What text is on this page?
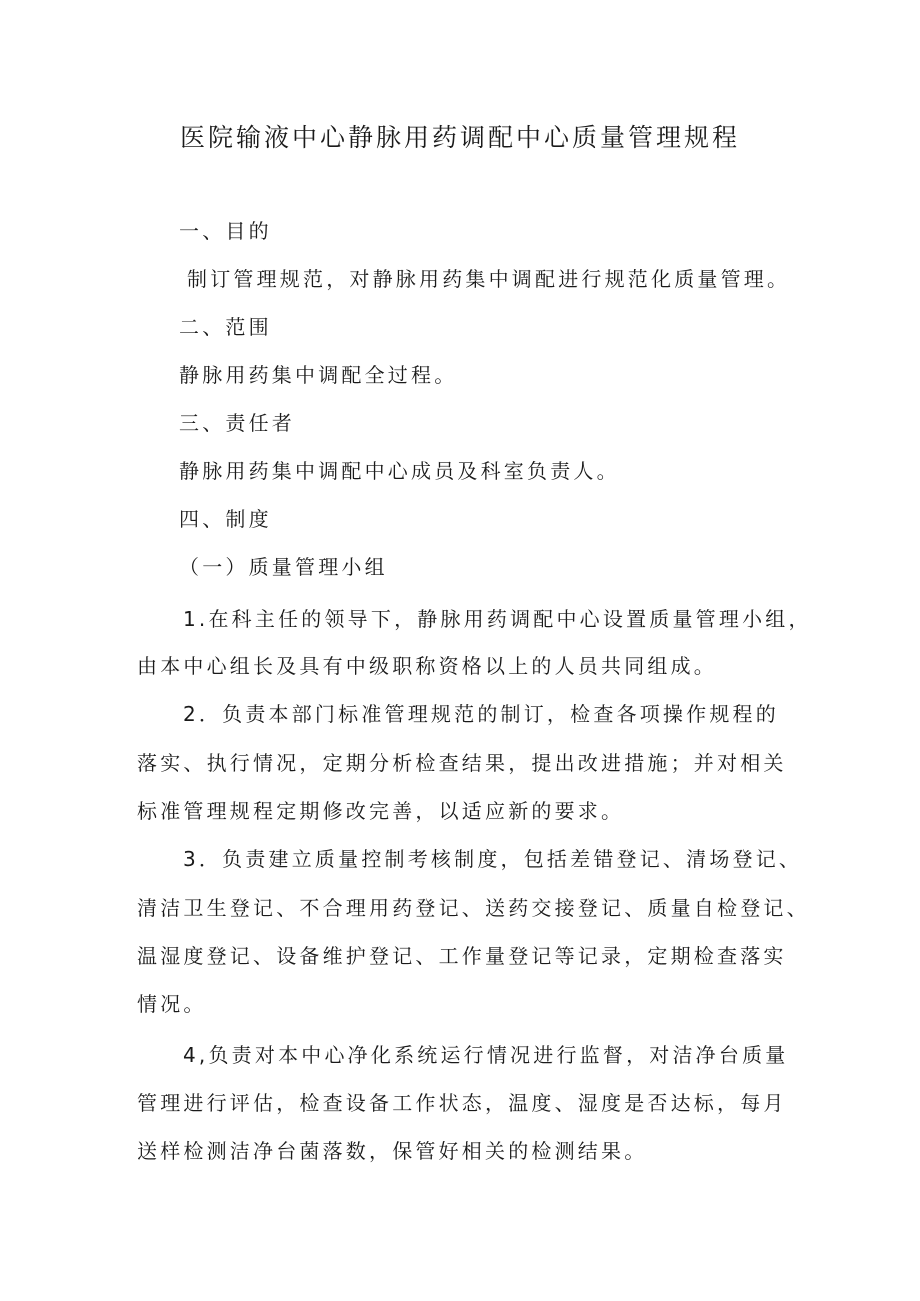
医院输液中心静脉用药调配中心质量管理规程
一、目的
制订管理规范，对静脉用药集中调配进行规范化质量管理。
二、范围
静脉用药集中调配全过程。
三、责任者
静脉用药集中调配中心成员及科室负责人。
四、制度
（一）质量管理小组
1.在科主任的领导下，静脉用药调配中心设置质量管理小组，
由本中心组长及具有中级职称资格以上的人员共同组成。
2．负责本部门标准管理规范的制订，检查各项操作规程的
落实、执行情况，定期分析检查结果，提出改进措施；并对相关
标准管理规程定期修改完善，以适应新的要求。
3．负责建立质量控制考核制度，包括差错登记、清场登记、
清洁卫生登记、不合理用药登记、送药交接登记、质量自检登记、
温湿度登记、设备维护登记、工作量登记等记录，定期检查落实
情况。
4,负责对本中心净化系统运行情况进行监督，对洁净台质量
管理进行评估，检查设备工作状态，温度、湿度是否达标，每月
送样检测洁净台菌落数，保管好相关的检测结果。
